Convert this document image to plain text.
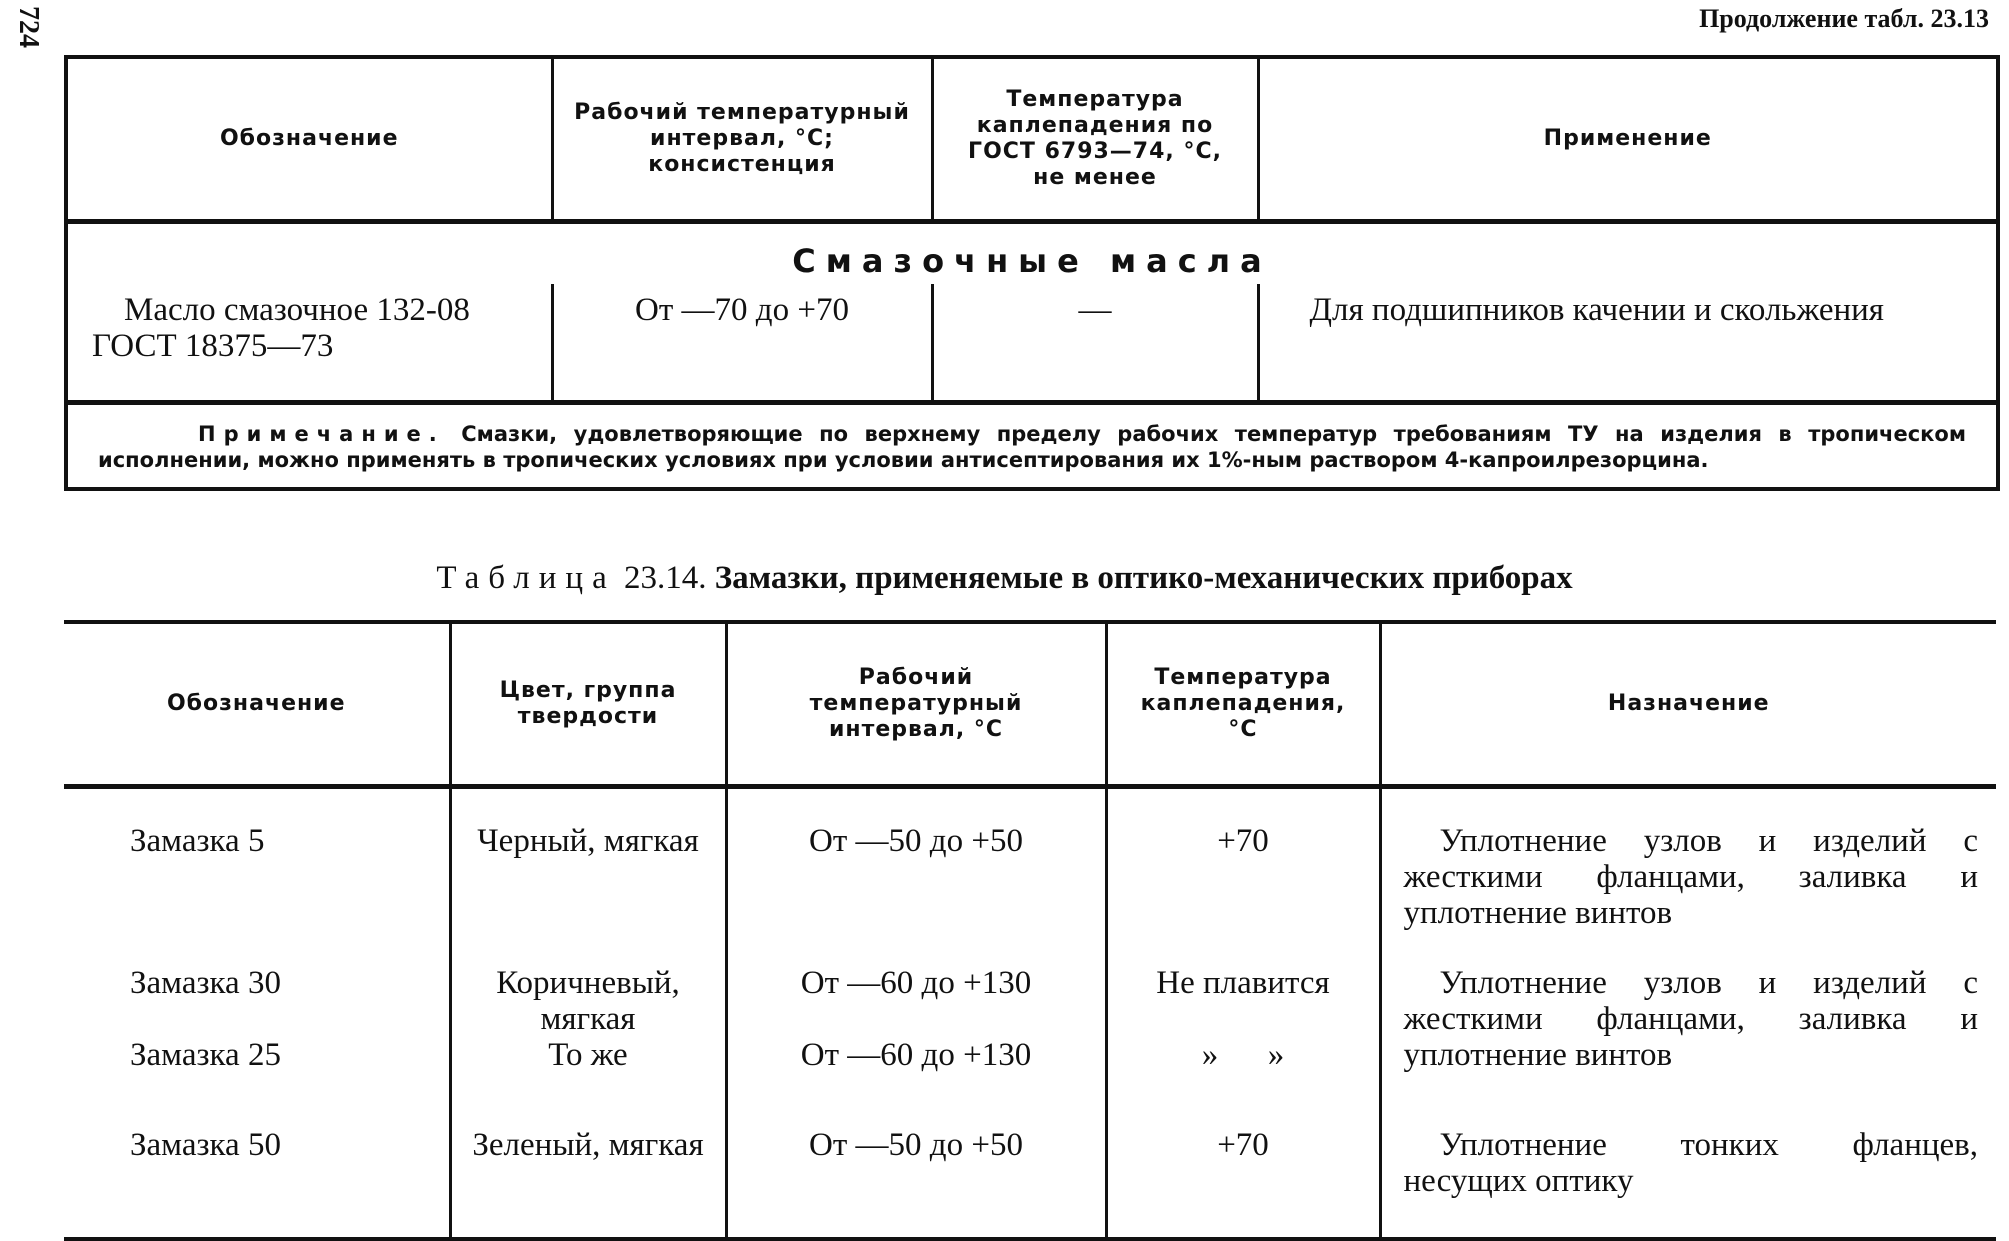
724	Продолжение табл. 23.13
Обозначение	Рабочий температурный интервал, °С; консистенция	Температура каплепадения по ГОСТ 6793—74, °С, не менее	Применение
Смазочные масла			
Масло смазочное 132-08 ГОСТ 18375—73	От —70 до +70	—	Для подшипников качении и скольжения
Примечание. Смазки, удовлетворяющие по верхнему пределу рабочих температур требованиям ТУ на изделия в тропическом исполнении, можно применять в тропических условиях при условии антисептирования их 1%-ным раствором 4-капроилрезорцина.			
Таблица 23.14. Замазки, применяемые в оптико-механических приборах
Обозначение	Цвет, группа твердости	Рабочий температурный интервал, °С	Температура каплепадения, °С	Назначение
Замазка 5	Черный, мягкая	От —50 до +50	+70	Уплотнение узлов и изделий с жесткими фланцами, заливка и уплотнение винтов
Замазка 30	Коричневый, мягкая	От —60 до +130	Не плавится	Уплотнение узлов и изделий с жесткими фланцами, заливка и уплотнение винтов
Замазка 25	То же	От —60 до +130	»      »	
Замазка 50	Зеленый, мягкая	От —50 до +50	+70	Уплотнение тонких фланцев, несущих оптику
